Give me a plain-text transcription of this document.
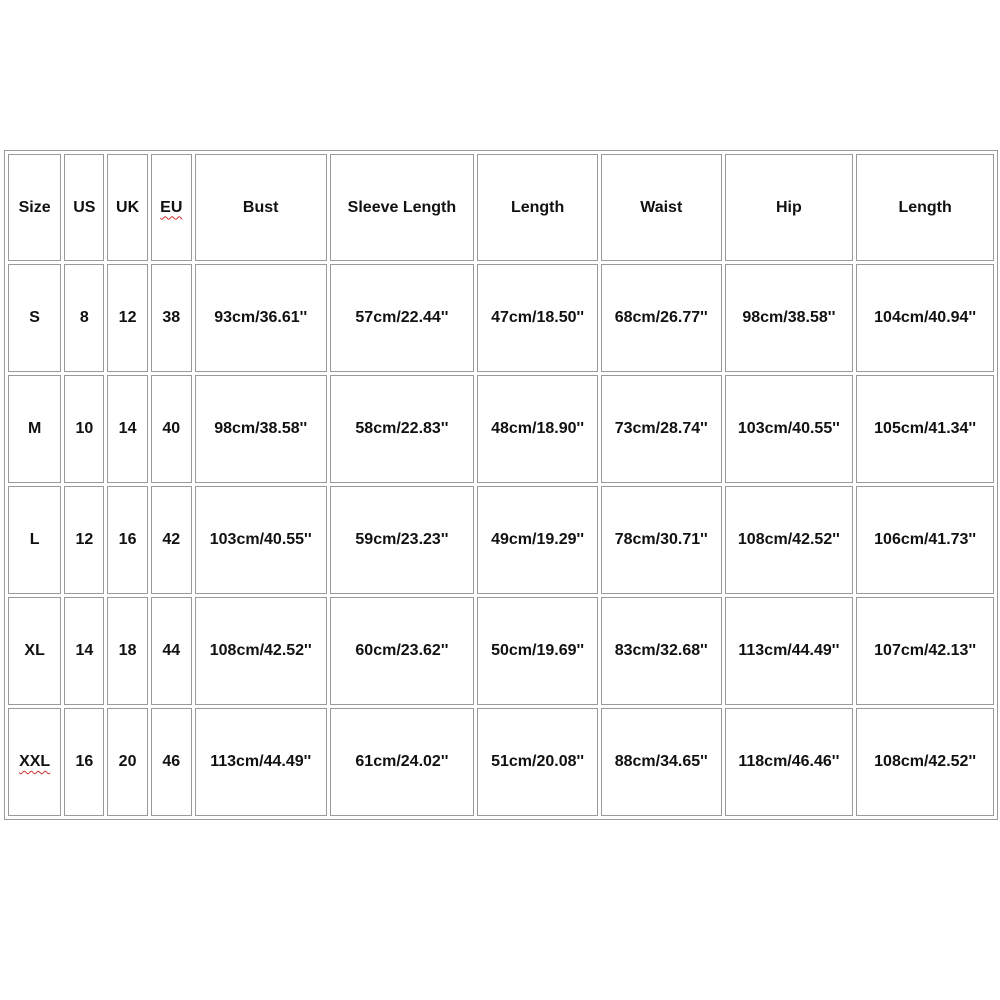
Size	US	UK	EU	Bust	Sleeve Length	Length	Waist	Hip	Length
S	8	12	38	93cm/36.61''	57cm/22.44''	47cm/18.50''	68cm/26.77''	98cm/38.58''	104cm/40.94''
M	10	14	40	98cm/38.58''	58cm/22.83''	48cm/18.90''	73cm/28.74''	103cm/40.55''	105cm/41.34''
L	12	16	42	103cm/40.55''	59cm/23.23''	49cm/19.29''	78cm/30.71''	108cm/42.52''	106cm/41.73''
XL	14	18	44	108cm/42.52''	60cm/23.62''	50cm/19.69''	83cm/32.68''	113cm/44.49''	107cm/42.13''
XXL	16	20	46	113cm/44.49''	61cm/24.02''	51cm/20.08''	88cm/34.65''	118cm/46.46''	108cm/42.52''
